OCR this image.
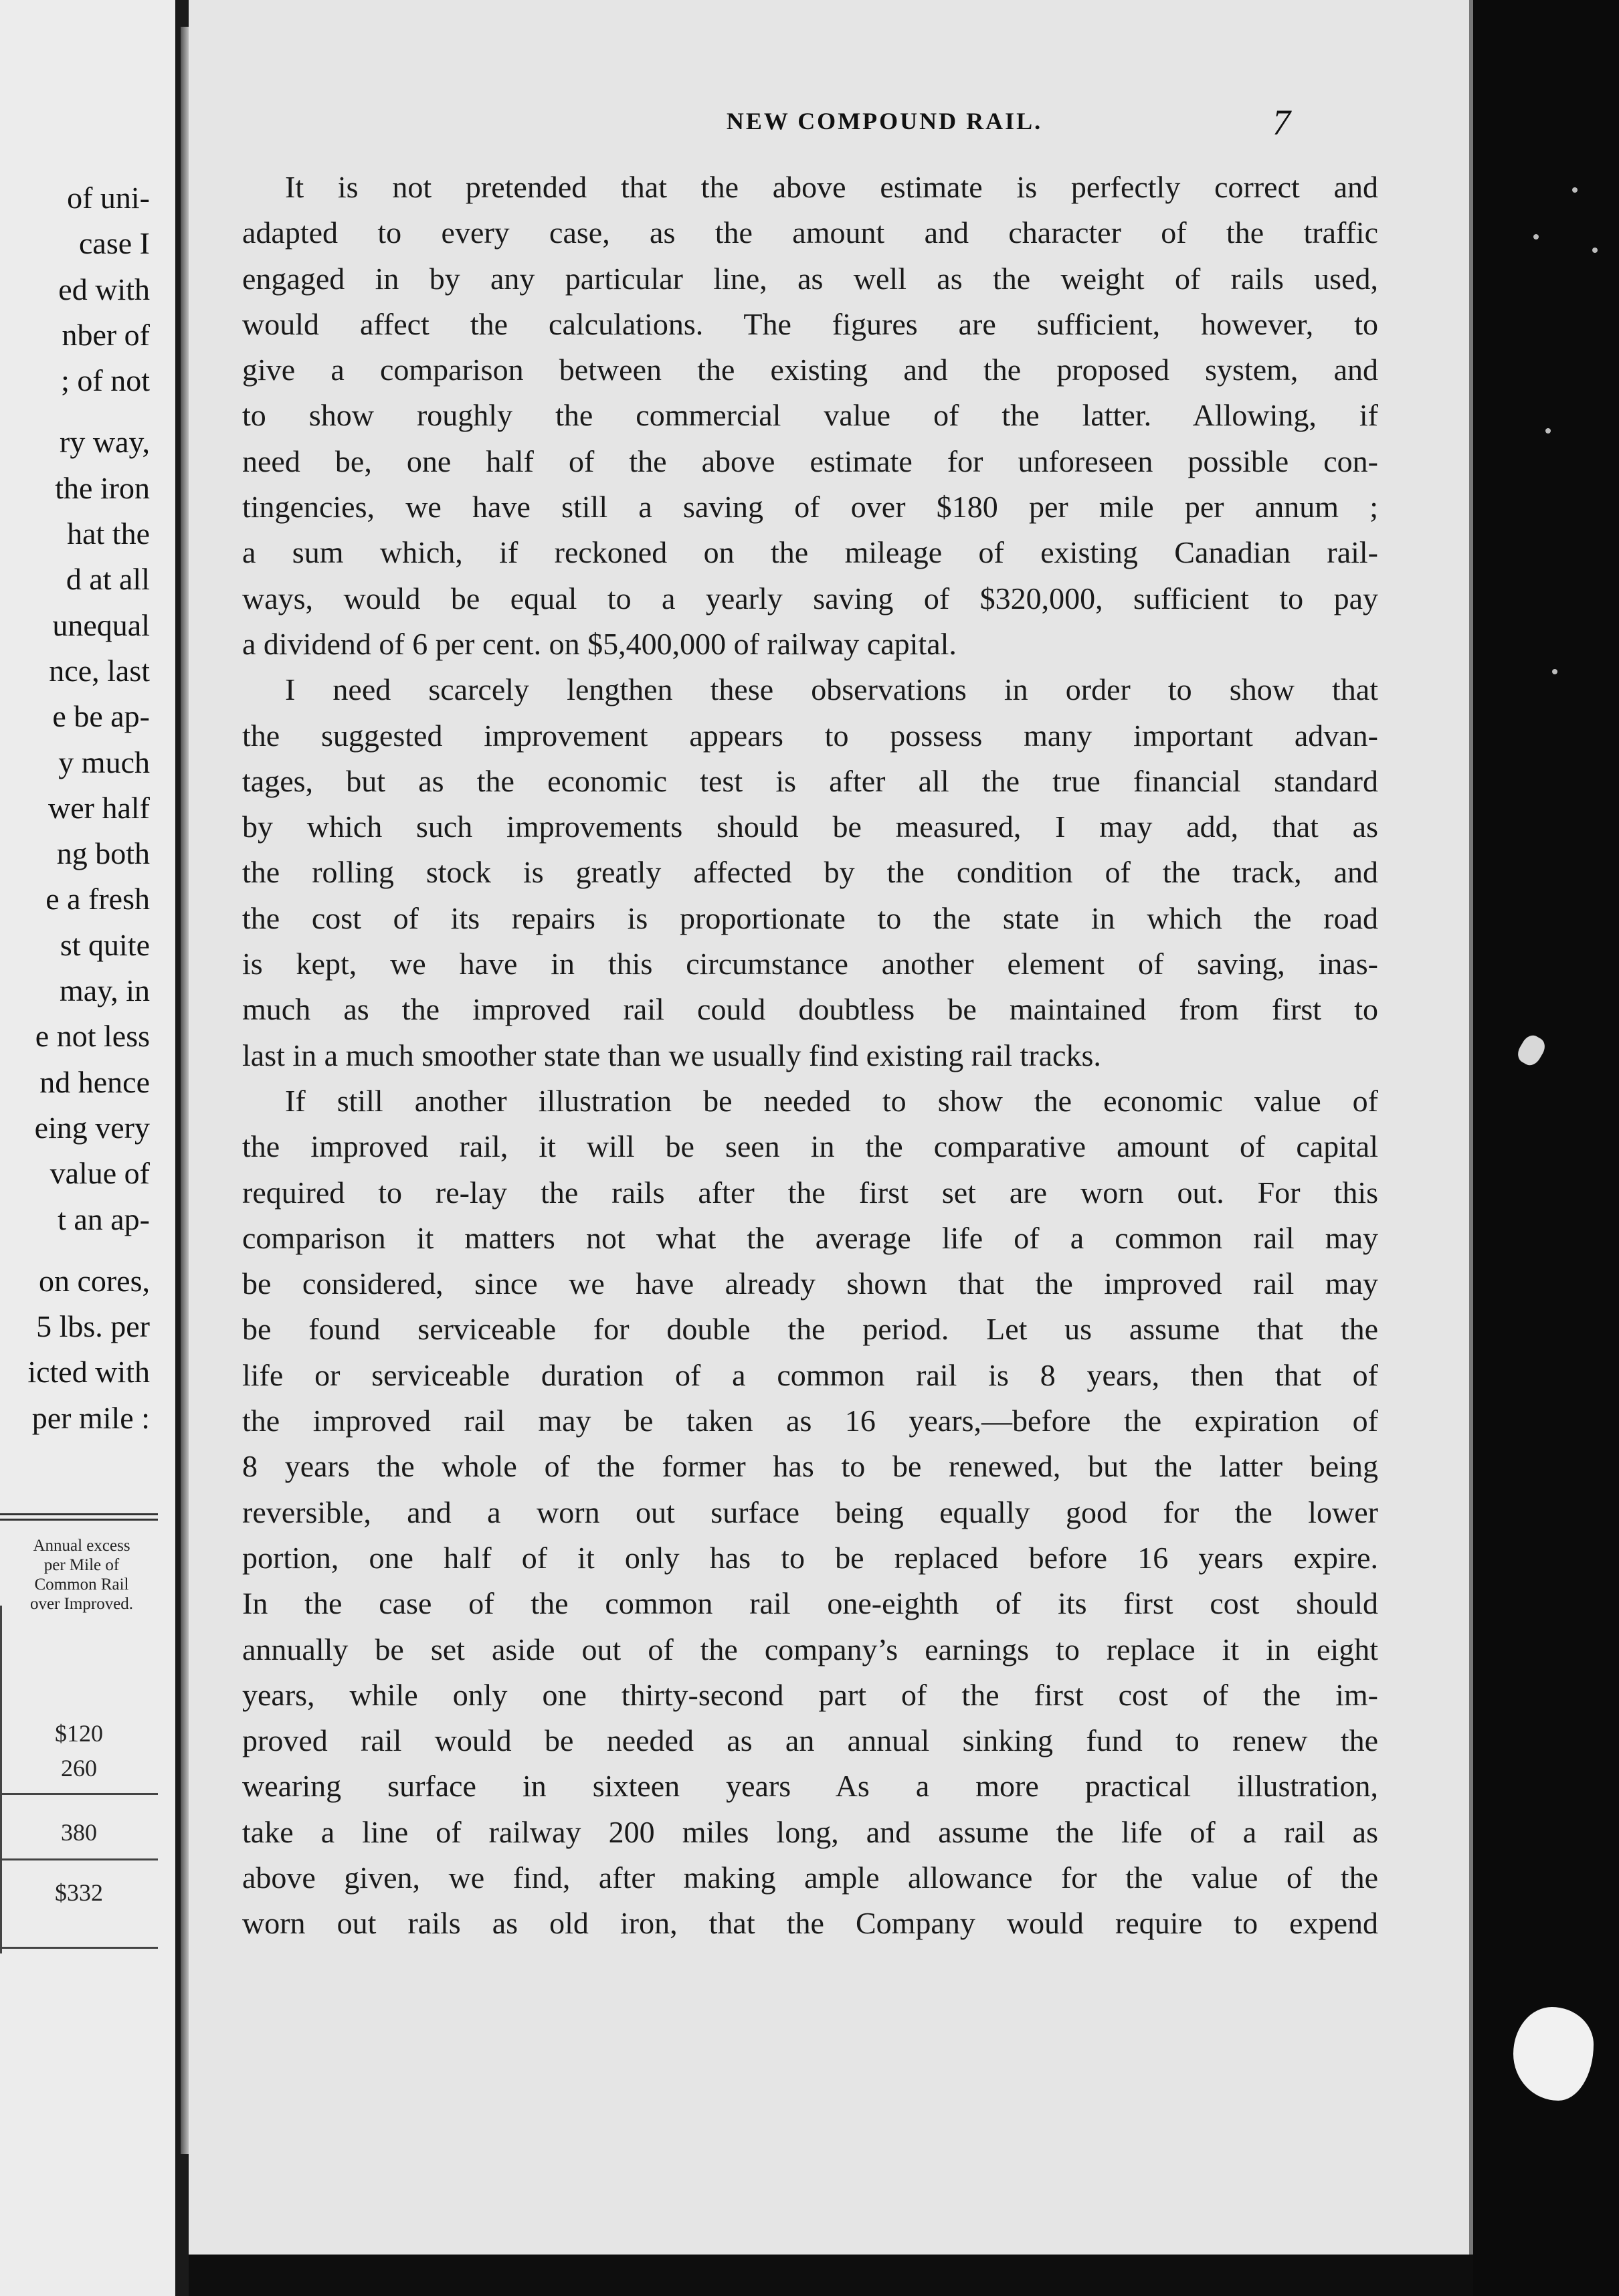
of uni-
case I
ed with
nber of
; of not
ry way,
the iron
hat the
d at all
unequal
nce, last
e be ap-
y much
wer half
ng both
e a fresh
st quite
may, in
e not less
nd hence
eing very
value of
t an ap-
on cores,
5 lbs. per
icted with
per mile :
Annual excess
per Mile of
Common Rail
over Improved.
$120
260
380
$332
NEW COMPOUND RAIL.	7
It is not pretended that the above estimate is perfectly correct and
adapted to every case, as the amount and character of the traffic
engaged in by any particular line, as well as the weight of rails used,
would affect the calculations. The figures are sufficient, however, to
give a comparison between the existing and the proposed system, and
to show roughly the commercial value of the latter. Allowing, if
need be, one half of the above estimate for unforeseen possible con-
tingencies, we have still a saving of over $180 per mile per annum ;
a sum which, if reckoned on the mileage of existing Canadian rail-
ways, would be equal to a yearly saving of $320,000, sufficient to pay
a dividend of 6 per cent. on $5,400,000 of railway capital.
I need scarcely lengthen these observations in order to show that
the suggested improvement appears to possess many important advan-
tages, but as the economic test is after all the true financial standard
by which such improvements should be measured, I may add, that as
the rolling stock is greatly affected by the condition of the track, and
the cost of its repairs is proportionate to the state in which the road
is kept, we have in this circumstance another element of saving, inas-
much as the improved rail could doubtless be maintained from first to
last in a much smoother state than we usually find existing rail tracks.
If still another illustration be needed to show the economic value of
the improved rail, it will be seen in the comparative amount of capital
required to re-lay the rails after the first set are worn out. For this
comparison it matters not what the average life of a common rail may
be considered, since we have already shown that the improved rail may
be found serviceable for double the period. Let us assume that the
life or serviceable duration of a common rail is 8 years, then that of
the improved rail may be taken as 16 years,—before the expiration of
8 years the whole of the former has to be renewed, but the latter being
reversible, and a worn out surface being equally good for the lower
portion, one half of it only has to be replaced before 16 years expire.
In the case of the common rail one-eighth of its first cost should
annually be set aside out of the company’s earnings to replace it in eight
years, while only one thirty-second part of the first cost of the im-
proved rail would be needed as an annual sinking fund to renew the
wearing surface in sixteen years As a more practical illustration,
take a line of railway 200 miles long, and assume the life of a rail as
above given, we find, after making ample allowance for the value of the
worn out rails as old iron, that the Company would require to expend
